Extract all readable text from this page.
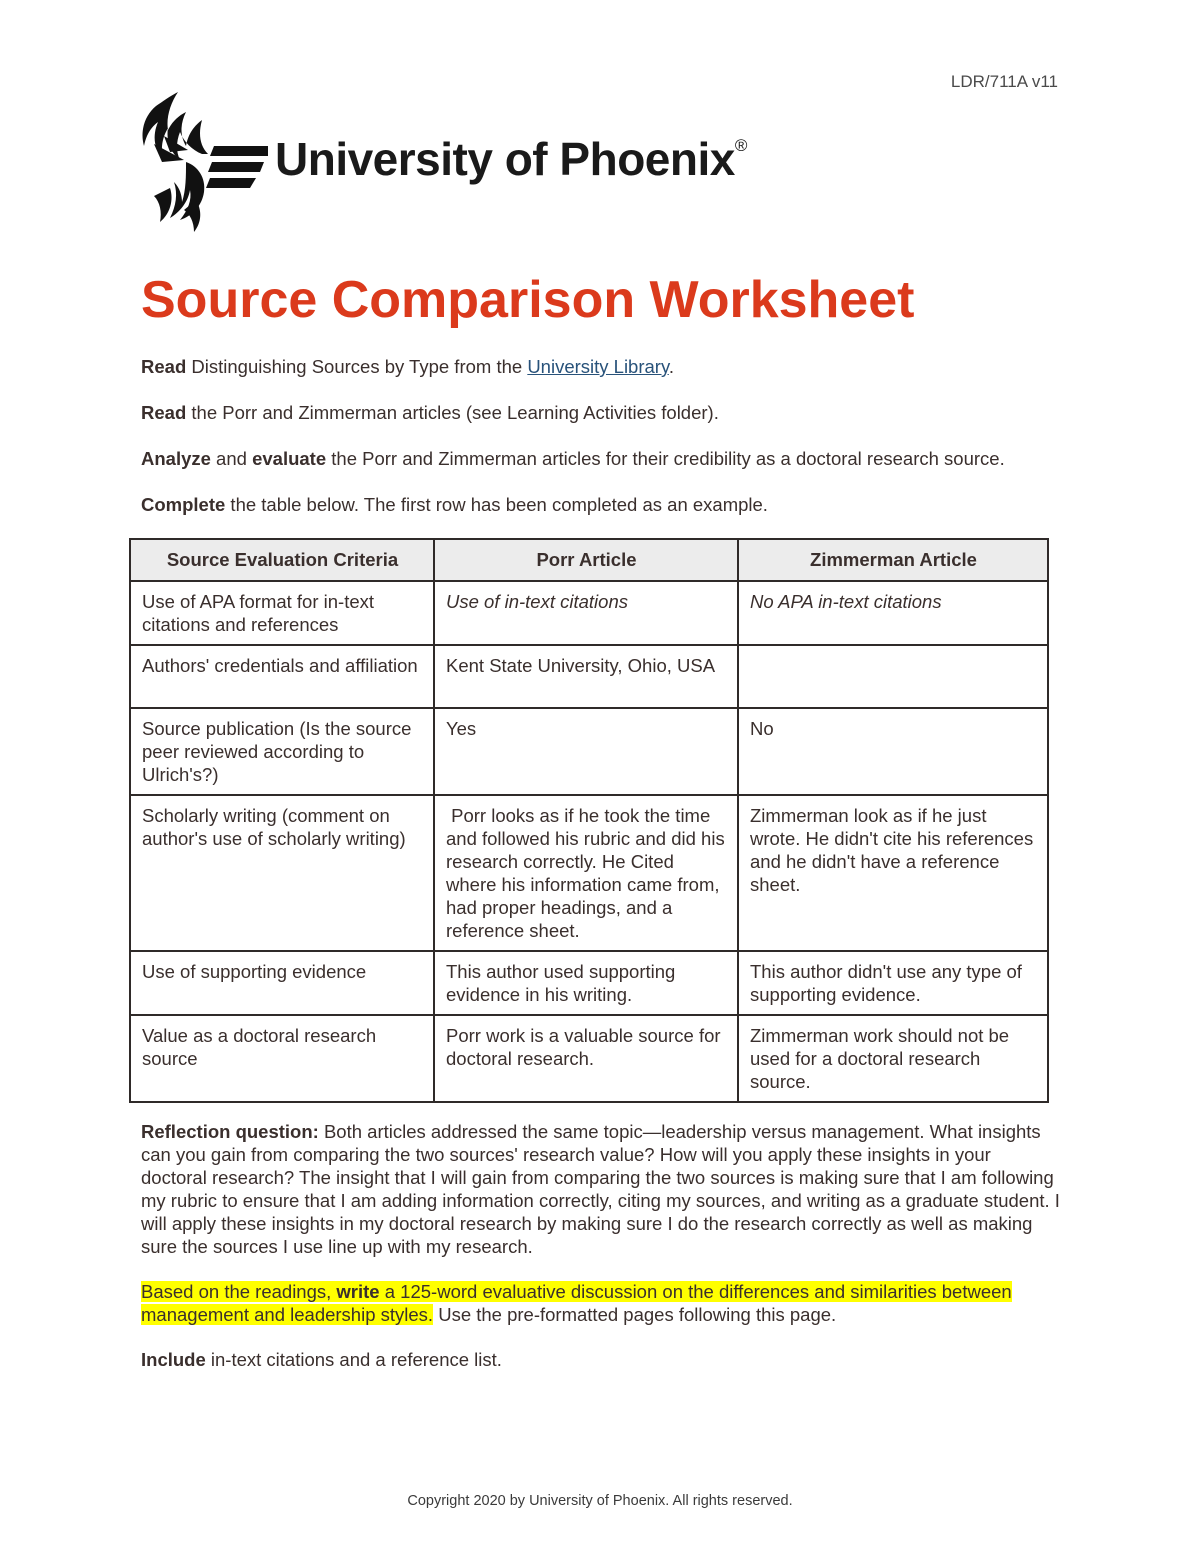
LDR/711A v11
University of Phoenix®
Source Comparison Worksheet

Read Distinguishing Sources by Type from the University Library.

Read the Porr and Zimmerman articles (see Learning Activities folder).

Analyze and evaluate the Porr and Zimmerman articles for their credibility as a doctoral research source.

Complete the table below. The first row has been completed as an example.

Source Evaluation Criteria	Porr Article	Zimmerman Article
Use of APA format for in-text citations and references	Use of in-text citations	No APA in-text citations
Authors' credentials and affiliation	Kent State University, Ohio, USA	
Source publication (Is the source peer reviewed according to Ulrich's?)	Yes	No
Scholarly writing (comment on author's use of scholarly writing)	Porr looks as if he took the time and followed his rubric and did his research correctly. He Cited where his information came from, had proper headings, and a reference sheet.	Zimmerman look as if he just wrote. He didn't cite his references and he didn't have a reference sheet.
Use of supporting evidence	This author used supporting evidence in his writing.	This author didn't use any type of supporting evidence.
Value as a doctoral research source	Porr work is a valuable source for doctoral research.	Zimmerman work should not be used for a doctoral research source.

Reflection question: Both articles addressed the same topic—leadership versus management. What insights can you gain from comparing the two sources' research value? How will you apply these insights in your doctoral research? The insight that I will gain from comparing the two sources is making sure that I am following my rubric to ensure that I am adding information correctly, citing my sources, and writing as a graduate student. I will apply these insights in my doctoral research by making sure I do the research correctly as well as making sure the sources I use line up with my research.

Based on the readings, write a 125-word evaluative discussion on the differences and similarities between management and leadership styles. Use the pre-formatted pages following this page.

Include in-text citations and a reference list.

Copyright 2020 by University of Phoenix. All rights reserved.
